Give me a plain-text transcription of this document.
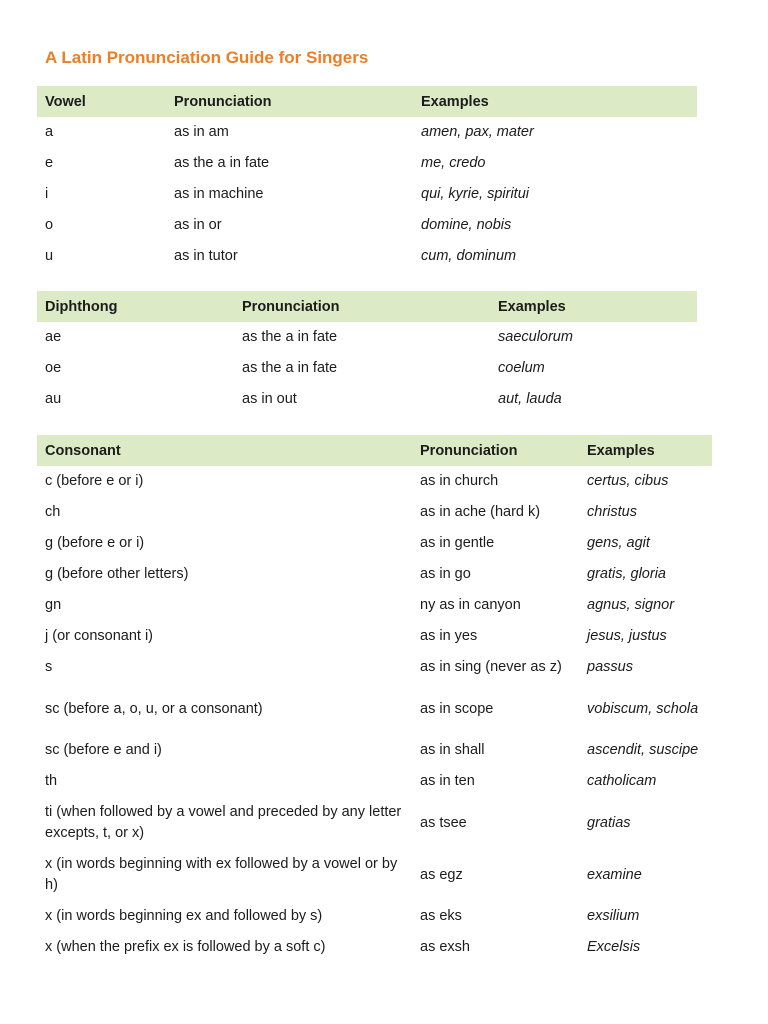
A Latin Pronunciation Guide for Singers
Vowel	Pronunciation	Examples
a	as in am	amen, pax, mater
e	as the a in fate	me, credo
i	as in machine	qui, kyrie, spiritui
o	as in or	domine, nobis
u	as in tutor	cum, dominum
Diphthong	Pronunciation	Examples
ae	as the a in fate	saeculorum
oe	as the a in fate	coelum
au	as in out	aut, lauda
Consonant	Pronunciation	Examples
c (before e or i)	as in church	certus, cibus
ch	as in ache (hard k)	christus
g (before e or i)	as in gentle	gens, agit
g (before other letters)	as in go	gratis, gloria
gn	ny as in canyon	agnus, signor
j (or consonant i)	as in yes	jesus, justus
s	as in sing (never as z)	passus
sc (before a, o, u, or a consonant)	as in scope	vobiscum, schola
sc (before e and i)	as in shall	ascendit, suscipe
th	as in ten	catholicam
ti (when followed by a vowel and preceded by any letter excepts, t, or x)	as tsee	gratias
x (in words beginning with ex followed by a vowel or by h)	as egz	examine
x (in words beginning ex and followed by s)	as eks	exsilium
x (when the prefix ex is followed by a soft c)	as exsh	Excelsis
